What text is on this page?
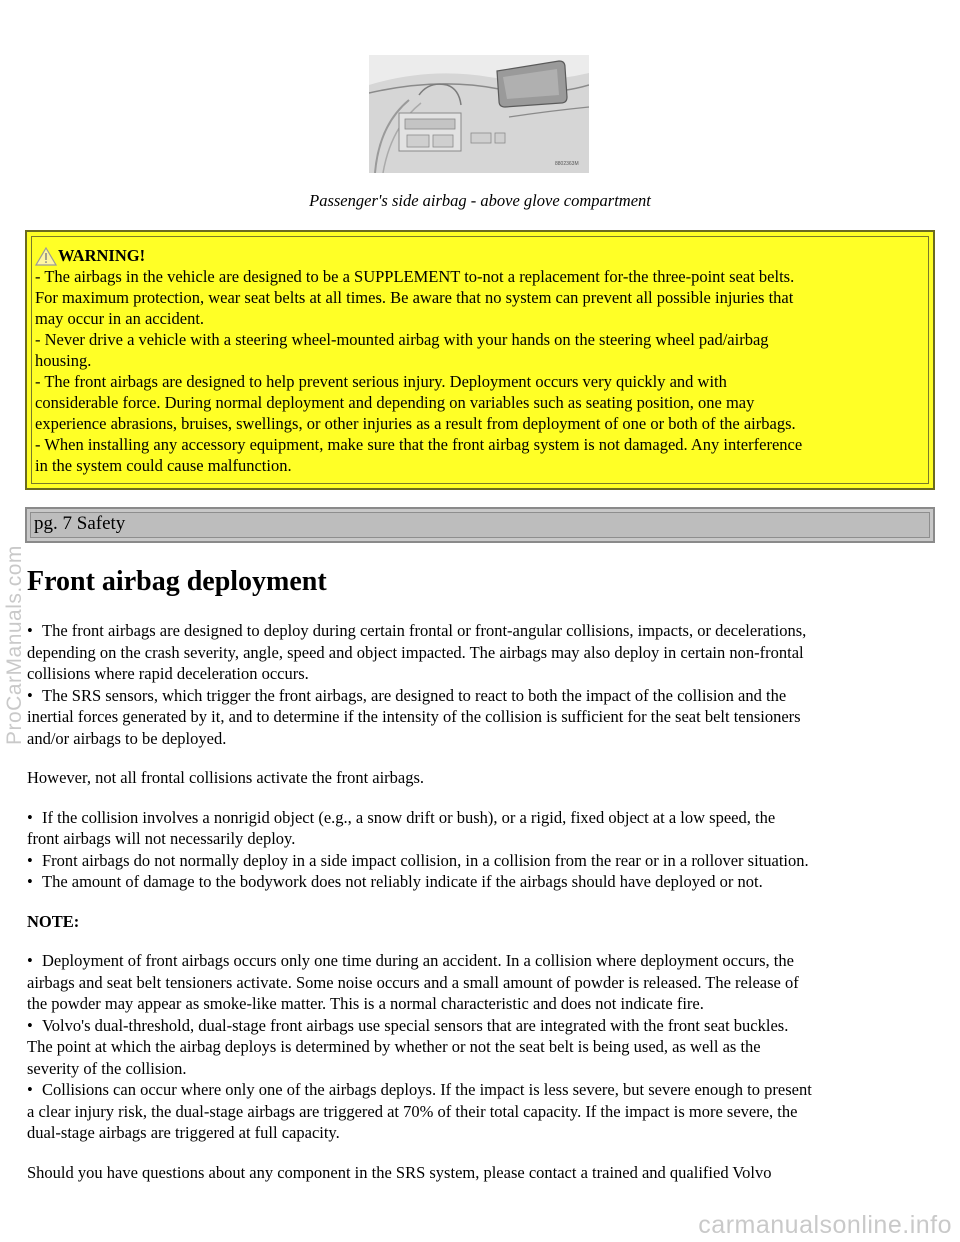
8802363M
Passenger's side airbag - above glove compartment
WARNING!
- The airbags in the vehicle are designed to be a SUPPLEMENT to-not a replacement for-the three-point seat belts.
For maximum protection, wear seat belts at all times. Be aware that no system can prevent all possible injuries that
may occur in an accident.
- Never drive a vehicle with a steering wheel-mounted airbag with your hands on the steering wheel pad/airbag
housing.
- The front airbags are designed to help prevent serious injury. Deployment occurs very quickly and with
considerable force. During normal deployment and depending on variables such as seating position, one may
experience abrasions, bruises, swellings, or other injuries as a result from deployment of one or both of the airbags.
- When installing any accessory equipment, make sure that the front airbag system is not damaged. Any interference
in the system could cause malfunction.
pg. 7 Safety
Front airbag deployment
• The front airbags are designed to deploy during certain frontal or front-angular collisions, impacts, or decelerations,
depending on the crash severity, angle, speed and object impacted. The airbags may also deploy in certain non-frontal
collisions where rapid deceleration occurs.
• The SRS sensors, which trigger the front airbags, are designed to react to both the impact of the collision and the
inertial forces generated by it, and to determine if the intensity of the collision is sufficient for the seat belt tensioners
and/or airbags to be deployed.
However, not all frontal collisions activate the front airbags.
• If the collision involves a nonrigid object (e.g., a snow drift or bush), or a rigid, fixed object at a low speed, the
front airbags will not necessarily deploy.
• Front airbags do not normally deploy in a side impact collision, in a collision from the rear or in a rollover situation.
• The amount of damage to the bodywork does not reliably indicate if the airbags should have deployed or not.
NOTE:
• Deployment of front airbags occurs only one time during an accident. In a collision where deployment occurs, the
airbags and seat belt tensioners activate. Some noise occurs and a small amount of powder is released. The release of
the powder may appear as smoke-like matter. This is a normal characteristic and does not indicate fire.
• Volvo's dual-threshold, dual-stage front airbags use special sensors that are integrated with the front seat buckles.
The point at which the airbag deploys is determined by whether or not the seat belt is being used, as well as the
severity of the collision.
• Collisions can occur where only one of the airbags deploys. If the impact is less severe, but severe enough to present
a clear injury risk, the dual-stage airbags are triggered at 70% of their total capacity. If the impact is more severe, the
dual-stage airbags are triggered at full capacity.
Should you have questions about any component in the SRS system, please contact a trained and qualified Volvo
ProCarManuals.com
carmanualsonline.info
